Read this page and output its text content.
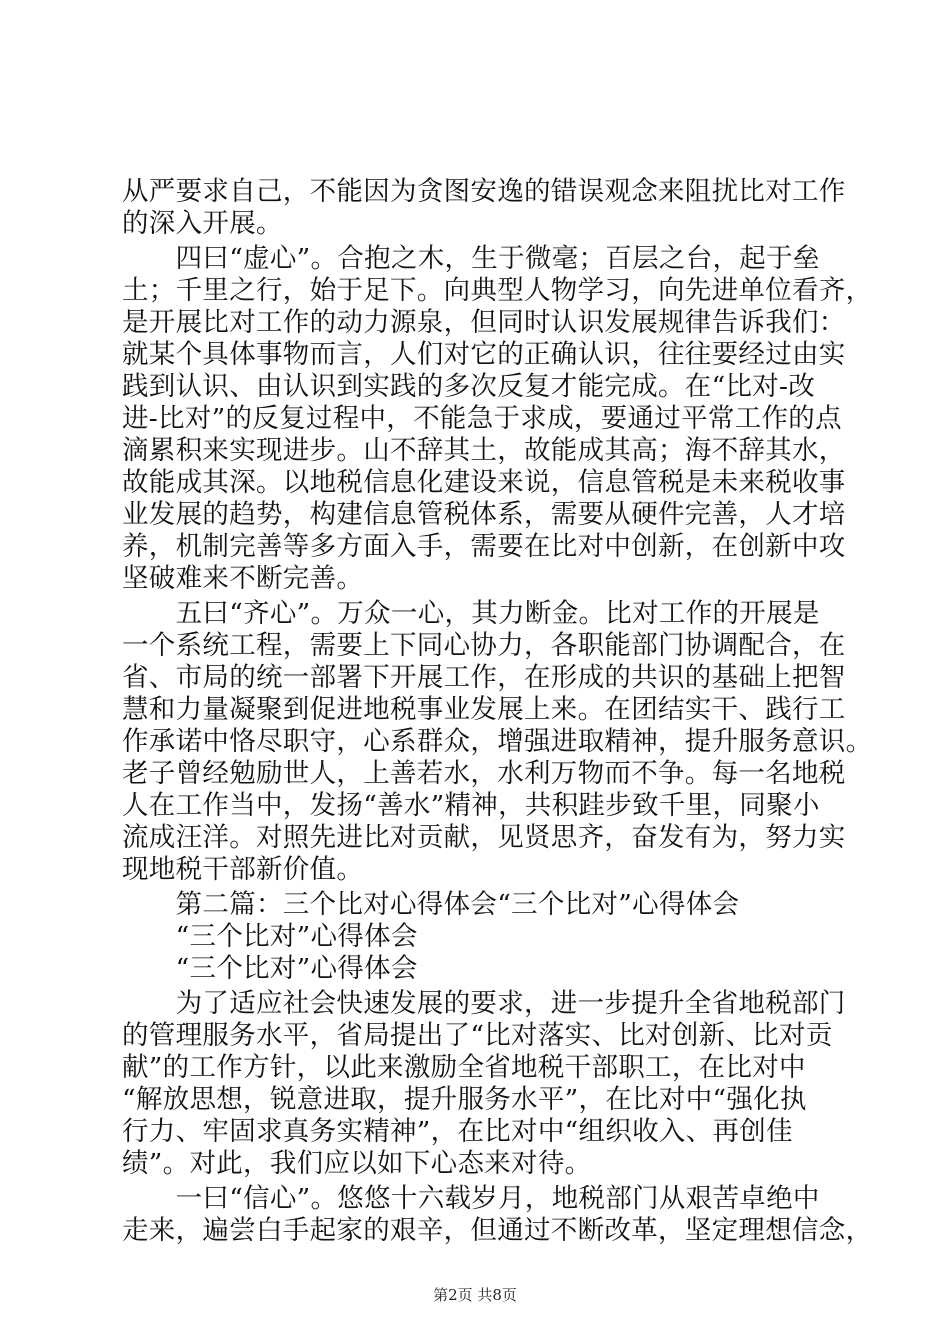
从严要求自己，不能因为贪图安逸的错误观念来阻扰比对工作
的深入开展。
　　四曰“虚心”。合抱之木，生于微毫；百层之台，起于垒
土；千里之行，始于足下。向典型人物学习，向先进单位看齐，
是开展比对工作的动力源泉，但同时认识发展规律告诉我们：
就某个具体事物而言，人们对它的正确认识，往往要经过由实
践到认识、由认识到实践的多次反复才能完成。在“比对-改
进-比对”的反复过程中，不能急于求成，要通过平常工作的点
滴累积来实现进步。山不辞其土，故能成其高；海不辞其水，
故能成其深。以地税信息化建设来说，信息管税是未来税收事
业发展的趋势，构建信息管税体系，需要从硬件完善，人才培
养，机制完善等多方面入手，需要在比对中创新，在创新中攻
坚破难来不断完善。
　　五曰“齐心”。万众一心，其力断金。比对工作的开展是
一个系统工程，需要上下同心协力，各职能部门协调配合，在
省、市局的统一部署下开展工作，在形成的共识的基础上把智
慧和力量凝聚到促进地税事业发展上来。在团结实干、践行工
作承诺中恪尽职守，心系群众，增强进取精神，提升服务意识。
老子曾经勉励世人，上善若水，水利万物而不争。每一名地税
人在工作当中，发扬“善水”精神，共积跬步致千里，同聚小
流成汪洋。对照先进比对贡献，见贤思齐，奋发有为，努力实
现地税干部新价值。
　　第二篇：三个比对心得体会“三个比对”心得体会
　　“三个比对”心得体会
　　“三个比对”心得体会
　　为了适应社会快速发展的要求，进一步提升全省地税部门
的管理服务水平，省局提出了“比对落实、比对创新、比对贡
献”的工作方针，以此来激励全省地税干部职工，在比对中
“解放思想，锐意进取，提升服务水平”，在比对中“强化执
行力、牢固求真务实精神”，在比对中“组织收入、再创佳
绩”。对此，我们应以如下心态来对待。
　　一曰“信心”。悠悠十六载岁月，地税部门从艰苦卓绝中
走来，遍尝白手起家的艰辛，但通过不断改革，坚定理想信念，
第2页 共8页
